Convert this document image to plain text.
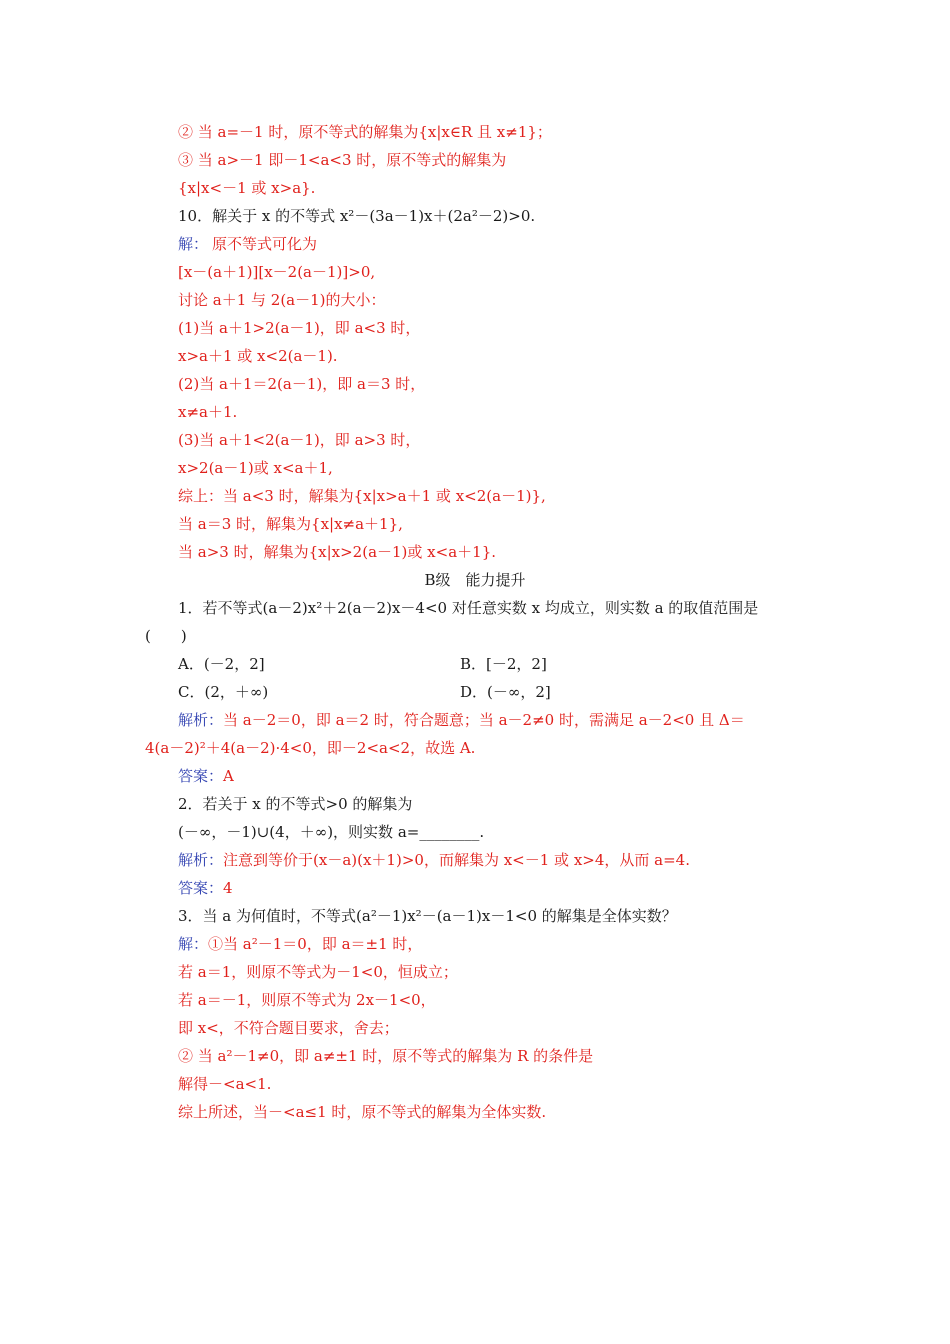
② 当 a=－1 时，原不等式的解集为{x|x∈R 且 x≠1}；
③ 当 a>－1 即－1<a<3 时，原不等式的解集为
{x|x<－1 或 x>a}.
10．解关于 x 的不等式 x²－(3a－1)x＋(2a²－2)>0.
解： 原不等式可化为
[x－(a＋1)][x－2(a－1)]>0,
讨论 a＋1 与 2(a－1)的大小：
(1)当 a＋1>2(a－1)，即 a<3 时，
x>a＋1 或 x<2(a－1).
(2)当 a＋1＝2(a－1)，即 a＝3 时，
x≠a＋1.
(3)当 a＋1<2(a－1)，即 a>3 时，
x>2(a－1)或 x<a＋1,
综上：当 a<3 时，解集为{x|x>a＋1 或 x<2(a－1)},
当 a＝3 时，解集为{x|x≠a＋1},
当 a>3 时，解集为{x|x>2(a－1)或 x<a＋1}.
B级　能力提升
1．若不等式(a－2)x²＋2(a－2)x－4<0 对任意实数 x 均成立，则实数 a 的取值范围是
(　　)
A．(－2，2]	B．[－2，2]
C．(2，＋∞)	D．(－∞，2]
解析：当 a－2＝0，即 a＝2 时，符合题意；当 a－2≠0 时，需满足 a－2<0 且 Δ＝
4(a－2)²＋4(a－2)·4<0，即－2<a<2，故选 A.
答案：A
2．若关于 x 的不等式>0 的解集为
(－∞，－1)∪(4，＋∞)，则实数 a=________.
解析：注意到等价于(x－a)(x＋1)>0，而解集为 x<－1 或 x>4，从而 a=4.
答案：4
3．当 a 为何值时，不等式(a²－1)x²－(a－1)x－1<0 的解集是全体实数？
解：①当 a²－1＝0，即 a＝±1 时，
若 a＝1，则原不等式为－1<0，恒成立；
若 a＝－1，则原不等式为 2x－1<0，
即 x<，不符合题目要求，舍去；
② 当 a²－1≠0，即 a≠±1 时，原不等式的解集为 R 的条件是
解得－<a<1.
综上所述，当－<a≤1 时，原不等式的解集为全体实数.
